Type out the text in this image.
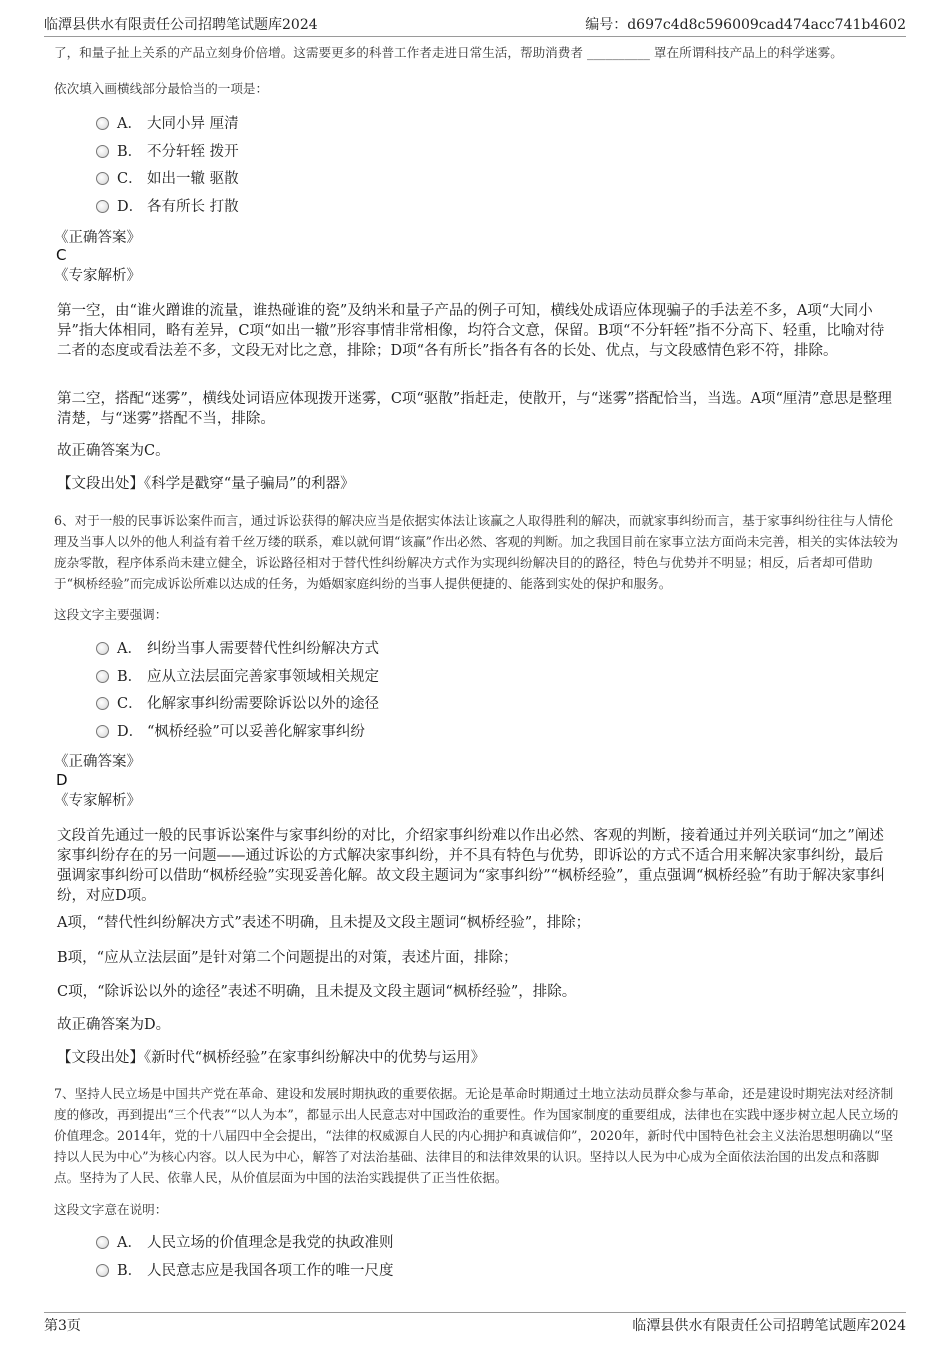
临潭县供水有限责任公司招聘笔试题库2024	编号：d697c4d8c596009cad474acc741b4602
了，和量子扯上关系的产品立刻身价倍增。这需要更多的科普工作者走进日常生活，帮助消费者 __________ 罩在所谓科技产品上的科学迷雾。
依次填入画横线部分最恰当的一项是：
A． 大同小异 厘清
B． 不分轩轾 拨开
C． 如出一辙 驱散
D． 各有所长 打散
《正确答案》
C
《专家解析》
第一空，由“谁火蹭谁的流量，谁热碰谁的瓷”及纳米和量子产品的例子可知，横线处成语应体现骗子的手法差不多，A项“大同小异”指大体相同，略有差异，C项“如出一辙”形容事情非常相像，均符合文意，保留。B项“不分轩轾”指不分高下、轻重，比喻对待二者的态度或看法差不多，文段无对比之意，排除；D项“各有所长”指各有各的长处、优点，与文段感情色彩不符，排除。
第二空，搭配“迷雾”，横线处词语应体现拨开迷雾，C项“驱散”指赶走，使散开，与“迷雾”搭配恰当，当选。A项“厘清”意思是整理清楚，与“迷雾”搭配不当，排除。
故正确答案为C。
【文段出处】《科学是戳穿“量子骗局”的利器》
6、对于一般的民事诉讼案件而言，通过诉讼获得的解决应当是依据实体法让该赢之人取得胜利的解决，而就家事纠纷而言，基于家事纠纷往往与人情伦理及当事人以外的他人利益有着千丝万缕的联系，难以就何谓“该赢”作出必然、客观的判断。加之我国目前在家事立法方面尚未完善，相关的实体法较为庞杂零散，程序体系尚未建立健全，诉讼路径相对于替代性纠纷解决方式作为实现纠纷解决目的的路径，特色与优势并不明显；相反，后者却可借助于“枫桥经验”而完成诉讼所难以达成的任务，为婚姻家庭纠纷的当事人提供便捷的、能落到实处的保护和服务。
这段文字主要强调：
A． 纠纷当事人需要替代性纠纷解决方式
B． 应从立法层面完善家事领域相关规定
C． 化解家事纠纷需要除诉讼以外的途径
D． “枫桥经验”可以妥善化解家事纠纷
《正确答案》
D
《专家解析》
文段首先通过一般的民事诉讼案件与家事纠纷的对比，介绍家事纠纷难以作出必然、客观的判断，接着通过并列关联词“加之”阐述家事纠纷存在的另一问题——通过诉讼的方式解决家事纠纷，并不具有特色与优势，即诉讼的方式不适合用来解决家事纠纷，最后强调家事纠纷可以借助“枫桥经验”实现妥善化解。故文段主题词为“家事纠纷”“枫桥经验”，重点强调“枫桥经验”有助于解决家事纠纷，对应D项。
A项，“替代性纠纷解决方式”表述不明确，且未提及文段主题词“枫桥经验”，排除；
B项，“应从立法层面”是针对第二个问题提出的对策，表述片面，排除；
C项，“除诉讼以外的途径”表述不明确，且未提及文段主题词“枫桥经验”，排除。
故正确答案为D。
【文段出处】《新时代“枫桥经验”在家事纠纷解决中的优势与运用》
7、坚持人民立场是中国共产党在革命、建设和发展时期执政的重要依据。无论是革命时期通过土地立法动员群众参与革命，还是建设时期宪法对经济制度的修改，再到提出“三个代表”“以人为本”，都显示出人民意志对中国政治的重要性。作为国家制度的重要组成，法律也在实践中逐步树立起人民立场的价值理念。2014年，党的十八届四中全会提出，“法律的权威源自人民的内心拥护和真诚信仰”，2020年，新时代中国特色社会主义法治思想明确以“坚持以人民为中心”为核心内容。以人民为中心，解答了对法治基础、法律目的和法律效果的认识。坚持以人民为中心成为全面依法治国的出发点和落脚点。坚持为了人民、依靠人民，从价值层面为中国的法治实践提供了正当性依据。
这段文字意在说明：
A． 人民立场的价值理念是我党的执政准则
B． 人民意志应是我国各项工作的唯一尺度
第3页	临潭县供水有限责任公司招聘笔试题库2024
